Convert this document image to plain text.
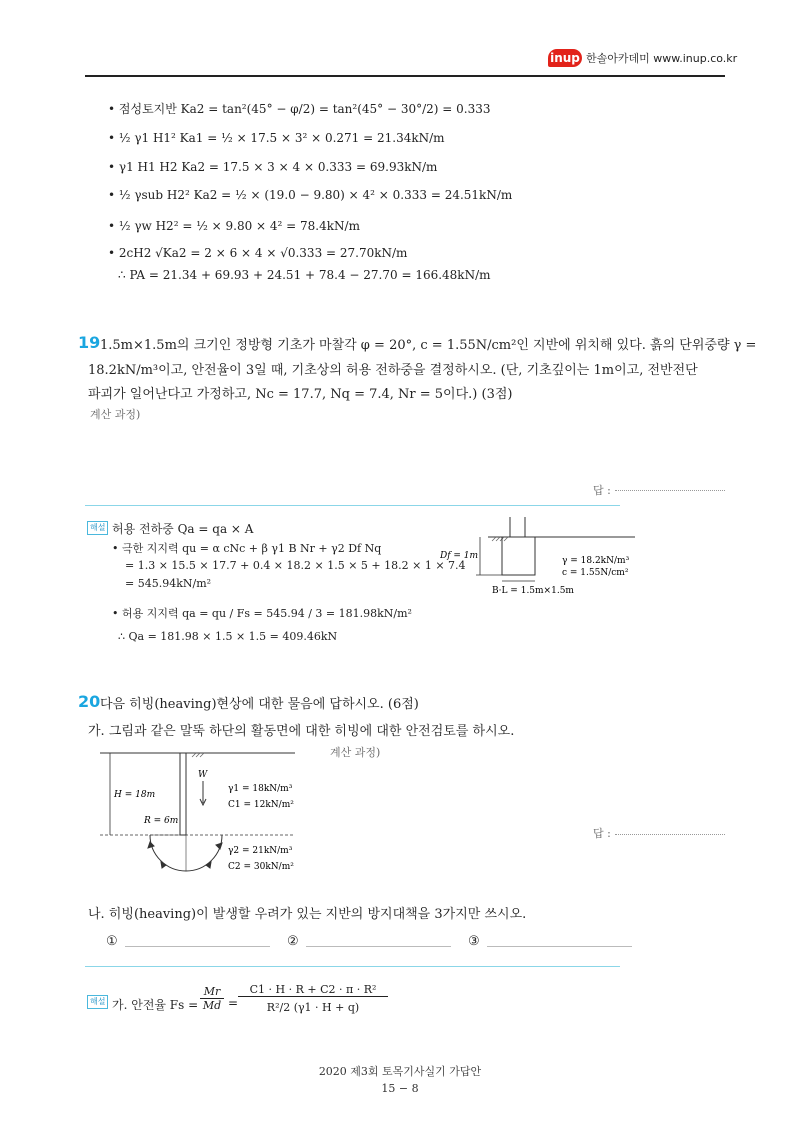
inup 한솔아카데미 www.inup.co.kr
• 점성토지반 Ka2 = tan²(45° − φ/2) = tan²(45° − 30°/2) = 0.333
• ½ γ1 H1² Ka1 = ½ × 17.5 × 3² × 0.271 = 21.34kN/m
• γ1 H1 H2 Ka2 = 17.5 × 3 × 4 × 0.333 = 69.93kN/m
• ½ γsub H2² Ka2 = ½ × (19.0 − 9.80) × 4² × 0.333 = 24.51kN/m
• ½ γw H2² = ½ × 9.80 × 4² = 78.4kN/m
• 2cH2 √Ka2 = 2 × 6 × 4 × √0.333 = 27.70kN/m
∴ PA = 21.34 + 69.93 + 24.51 + 78.4 − 27.70 = 166.48kN/m
19 1.5m×1.5m의 크기인 정방형 기초가 마찰각 φ = 20°, c = 1.55N/cm²인 지반에 위치해 있다. 흙의 단위중량 γ =
18.2kN/m³이고, 안전율이 3일 때, 기초상의 허용 전하중을 결정하시오. (단, 기초깊이는 1m이고, 전반전단
파괴가 일어난다고 가정하고, Nc = 17.7, Nq = 7.4, Nr = 5이다.) (3점)
계산 과정)
답 :
해설 허용 전하중 Qa = qa × A
• 극한 지지력 qu = α cNc + β γ1 B Nr + γ2 Df Nq
= 1.3 × 15.5 × 17.7 + 0.4 × 18.2 × 1.5 × 5 + 18.2 × 1 × 7.4
= 545.94kN/m²
• 허용 지지력 qa = qu / Fs = 545.94 / 3 = 181.98kN/m²
∴ Qa = 181.98 × 1.5 × 1.5 = 409.46kN
Df = 1m
B·L = 1.5m×1.5m
γ = 18.2kN/m³
c = 1.55N/cm²
20 다음 히빙(heaving)현상에 대한 물음에 답하시오. (6점)
가. 그림과 같은 말뚝 하단의 활동면에 대한 히빙에 대한 안전검토를 하시오.
계산 과정)
답 :
H = 18m
W
γ1 = 18kN/m³
C1 = 12kN/m²
R = 6m
γ2 = 21kN/m³
C2 = 30kN/m²
나. 히빙(heaving)이 발생할 우려가 있는 지반의 방지대책을 3가지만 쓰시오.
①	②	③
해설 가. 안전율 $Fs = \frac{Mr}{Md} = \frac{\text{C1 · H · R + C2 · π · R²}}{\text{R²/2 (γ1 · H + q)}}$
2020 제3회 토목기사실기 가답안
15 − 8
